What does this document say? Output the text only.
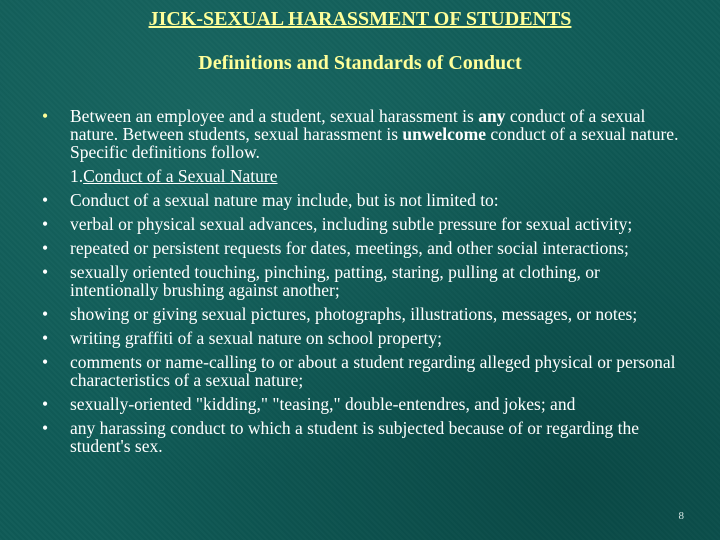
JICK-SEXUAL HARASSMENT OF STUDENTS
Definitions and Standards of Conduct
• Between an employee and a student, sexual harassment is any conduct of a sexual nature. Between students, sexual harassment is unwelcome conduct of a sexual nature. Specific definitions follow.
1.Conduct of a Sexual Nature
• Conduct of a sexual nature may include, but is not limited to:
• verbal or physical sexual advances, including subtle pressure for sexual activity;
• repeated or persistent requests for dates, meetings, and other social interactions;
• sexually oriented touching, pinching, patting, staring, pulling at clothing, or intentionally brushing against another;
• showing or giving sexual pictures, photographs, illustrations, messages, or notes;
• writing graffiti of a sexual nature on school property;
• comments or name-calling to or about a student regarding alleged physical or personal characteristics of a sexual nature;
• sexually-oriented "kidding," "teasing," double-entendres, and jokes; and
• any harassing conduct to which a student is subjected because of or regarding the student's sex.
8
